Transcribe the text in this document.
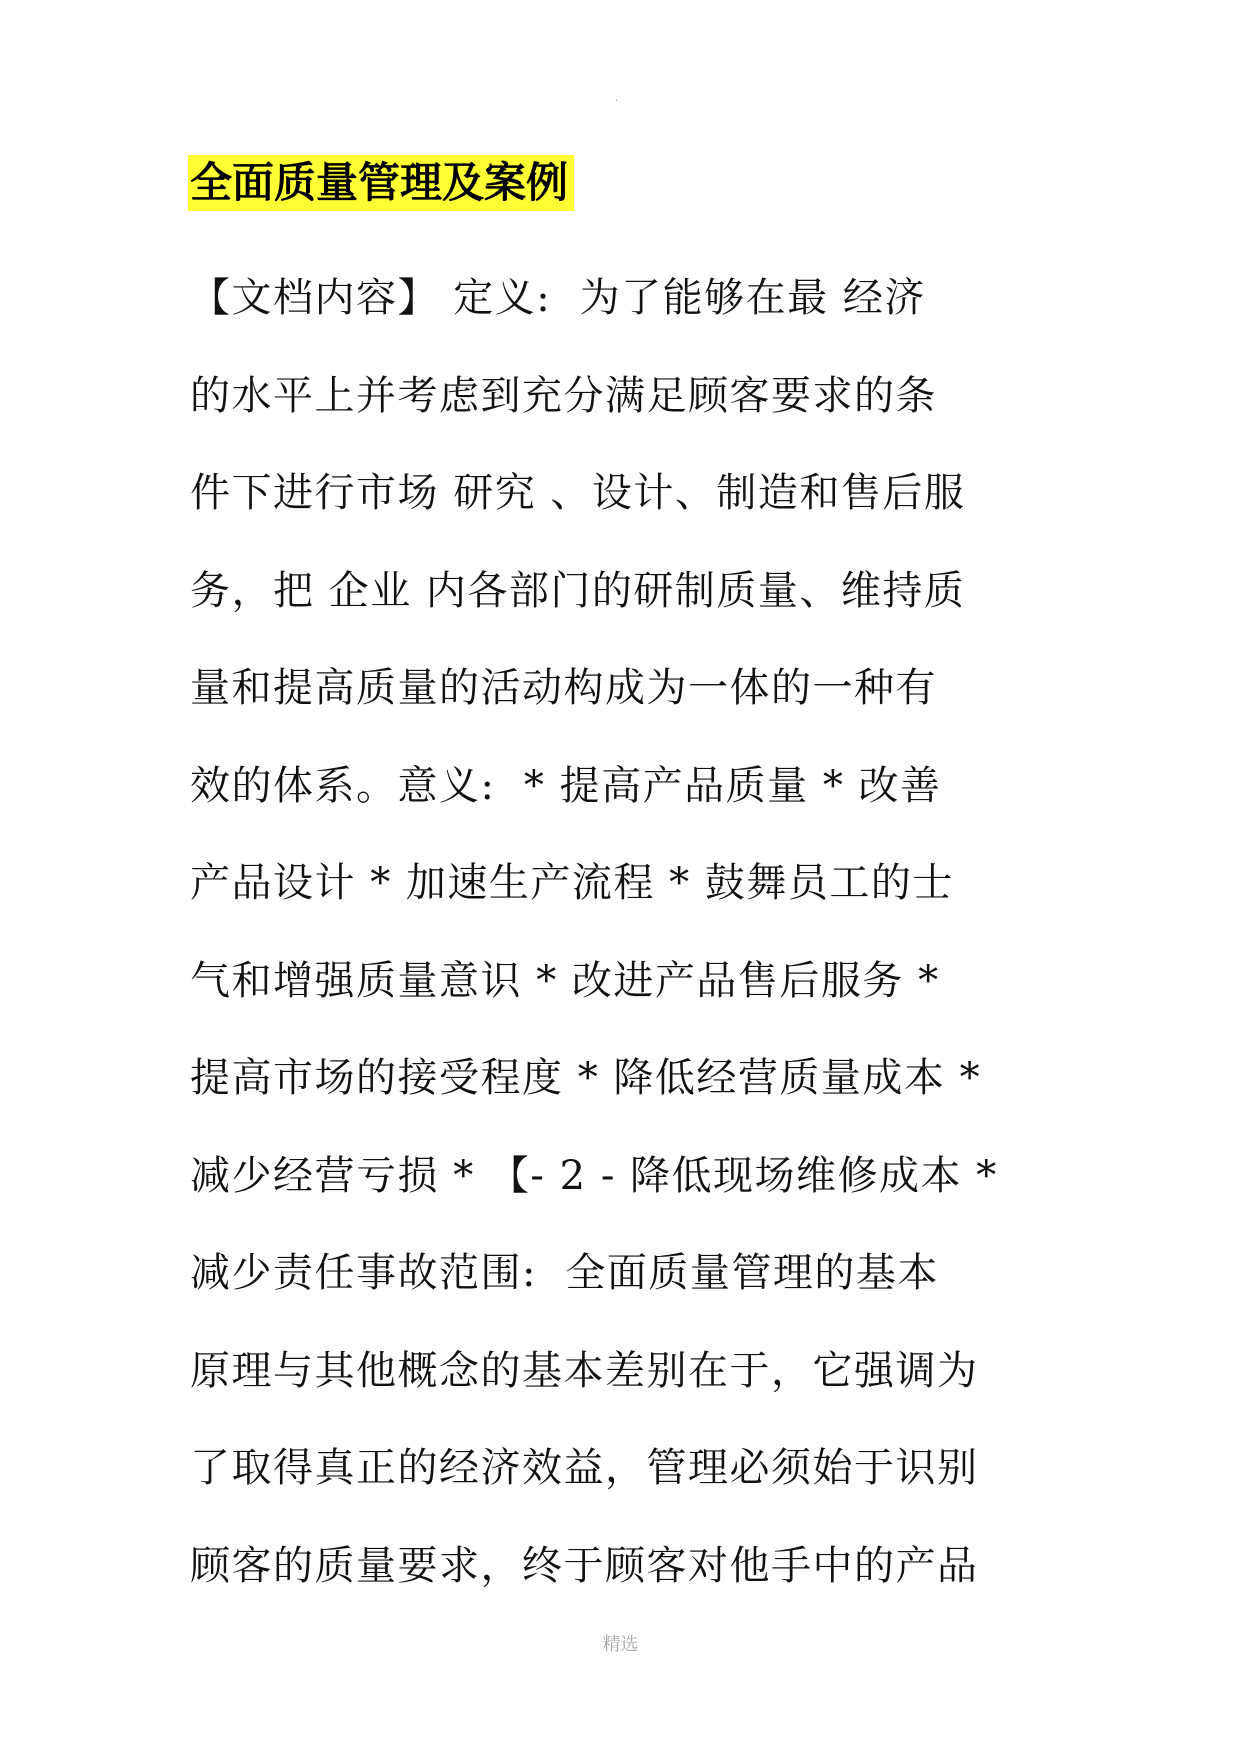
·
全面质量管理及案例
【文档内容】 定义:  为了能够在最 经济
的水平上并考虑到充分满足顾客要求的条
件下进行市场 研究 、设计、制造和售后服
务，把 企业 内各部门的研制质量、维持质
量和提高质量的活动构成为一体的一种有
效的体系。意义:  * 提高产品质量 * 改善
产品设计 * 加速生产流程 * 鼓舞员工的士
气和增强质量意识 * 改进产品售后服务 *
提高市场的接受程度 * 降低经营质量成本 *
减少经营亏损 * 【- 2 - 降低现场维修成本 *
减少责任事故范围:  全面质量管理的基本
原理与其他概念的基本差别在于，它强调为
了取得真正的经济效益，管理必须始于识别
顾客的质量要求，终于顾客对他手中的产品
精选
